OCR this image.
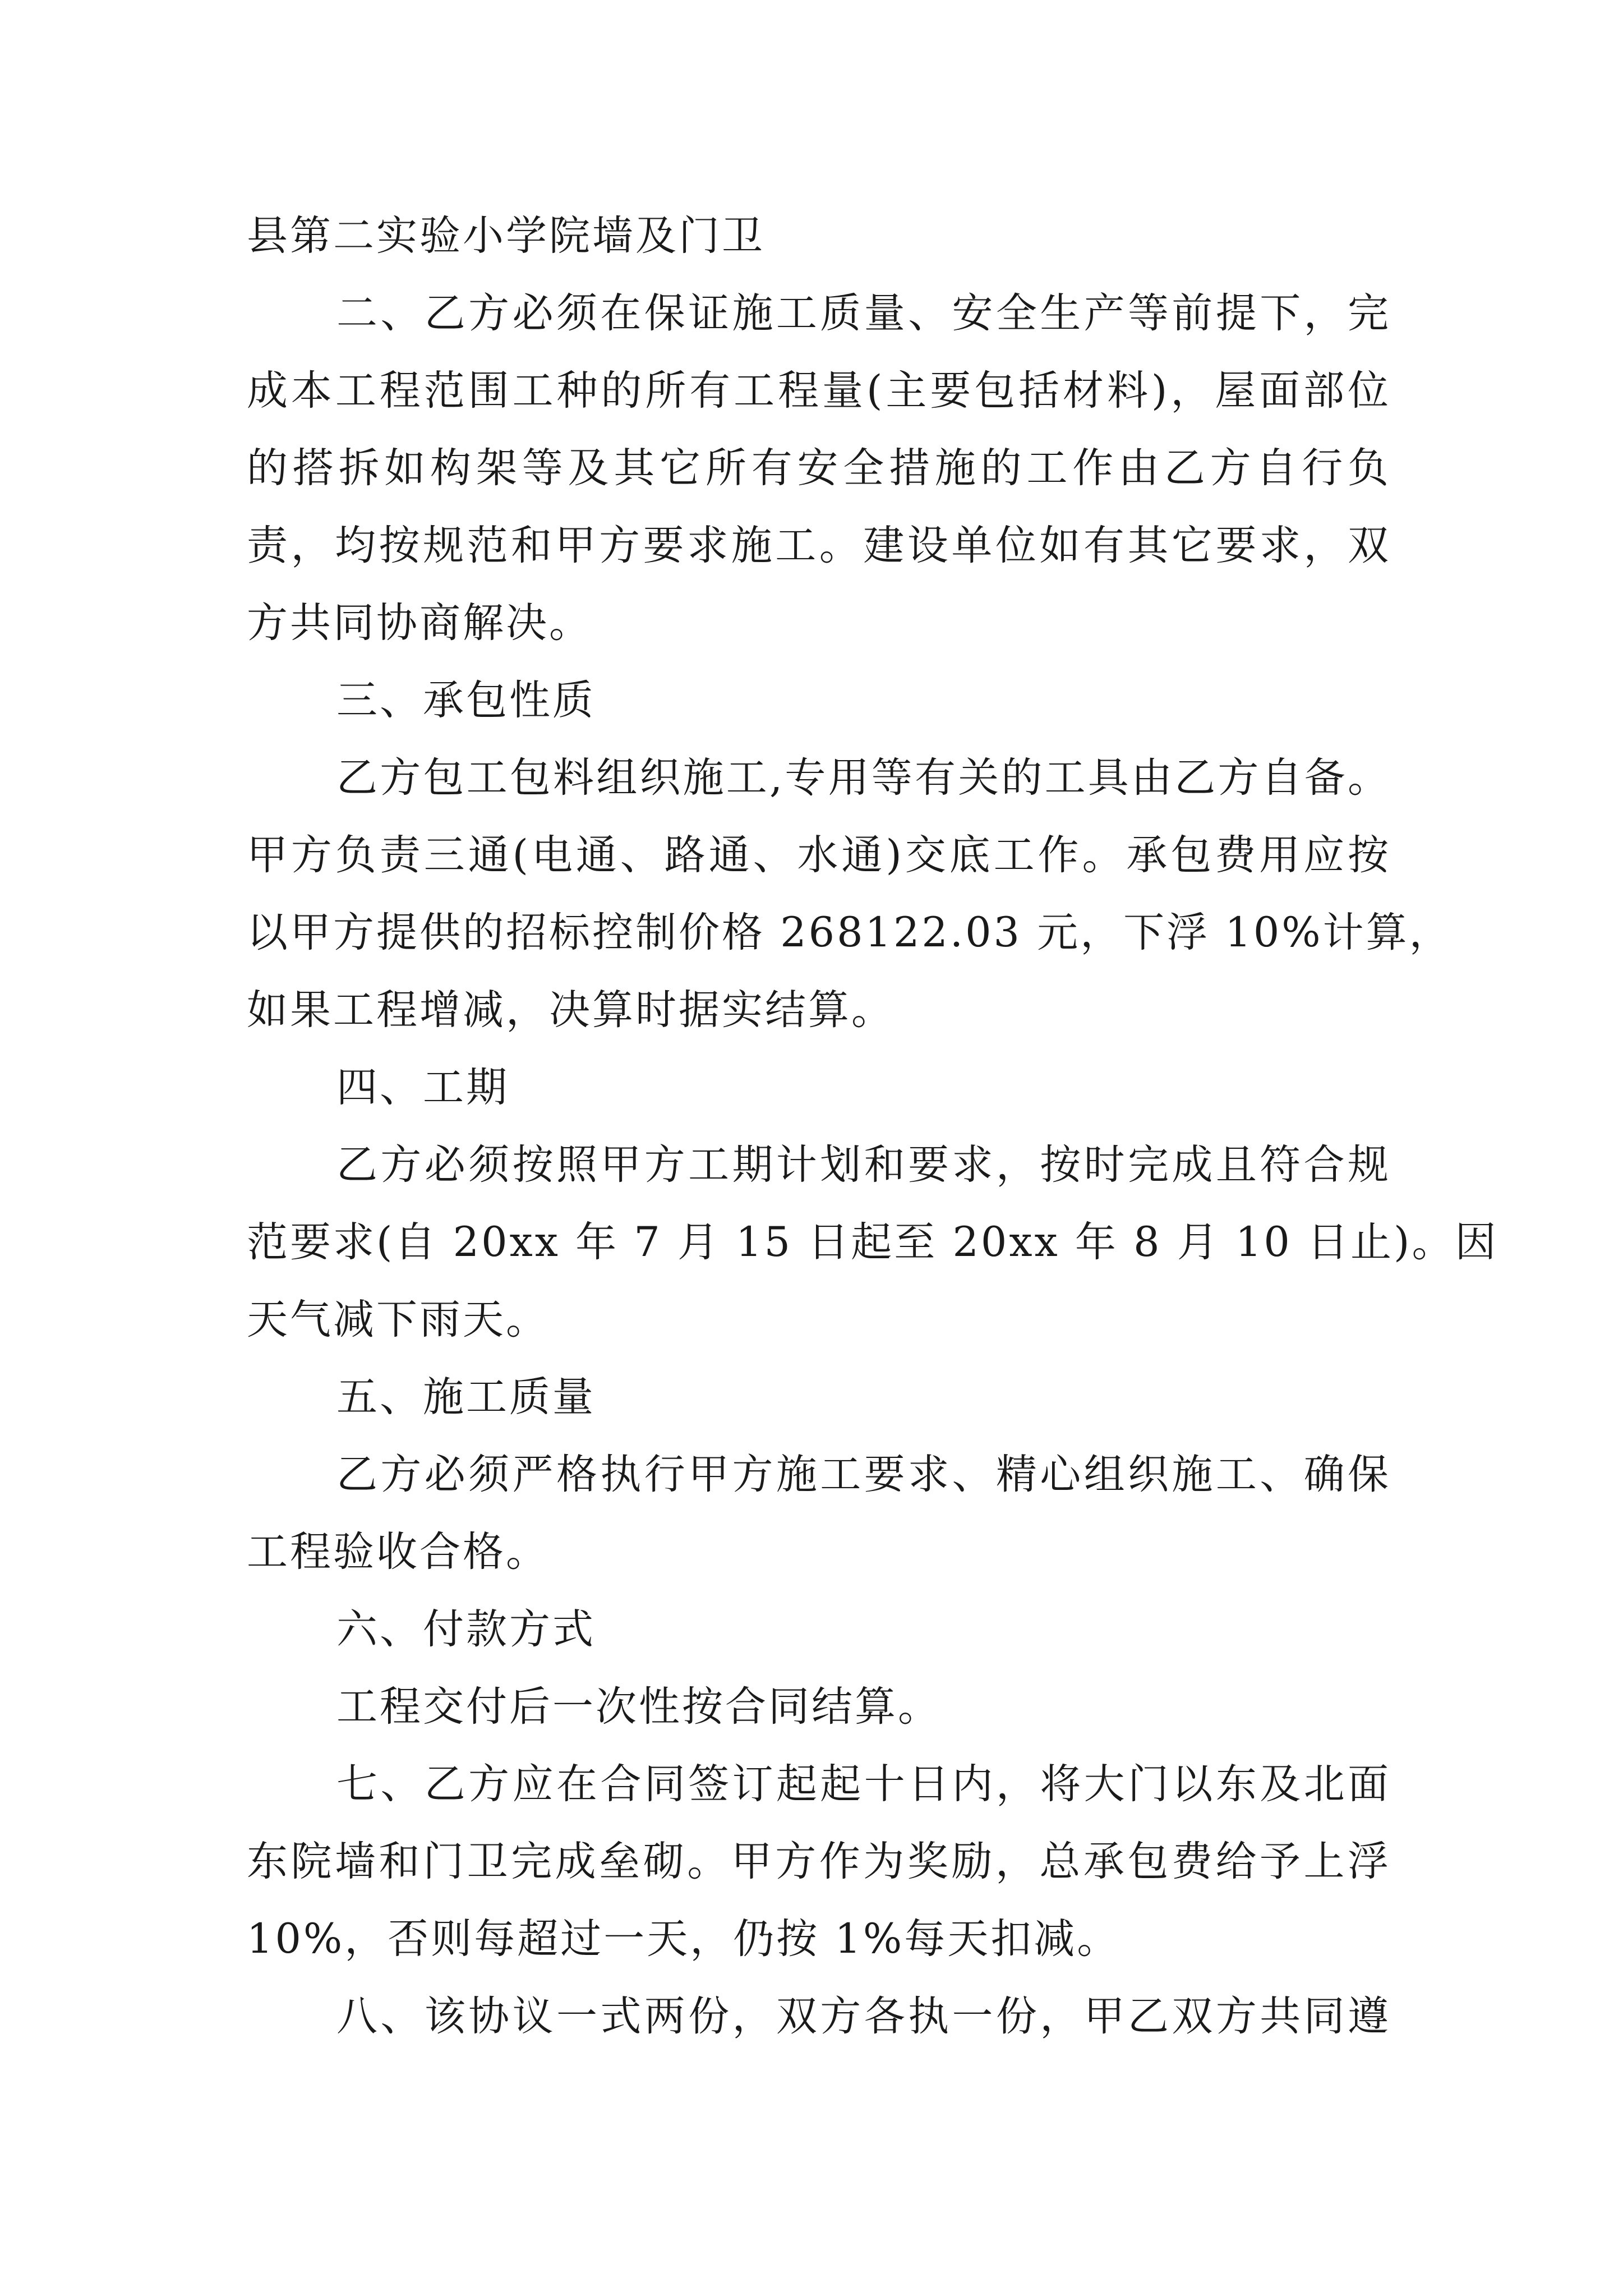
县第二实验小学院墙及门卫
二、乙方必须在保证施工质量、安全生产等前提下，完
成本工程范围工种的所有工程量(主要包括材料)，屋面部位
的搭拆如构架等及其它所有安全措施的工作由乙方自行负
责，均按规范和甲方要求施工。建设单位如有其它要求，双
方共同协商解决。
三、承包性质
乙方包工包料组织施工,专用等有关的工具由乙方自备。
甲方负责三通(电通、路通、水通)交底工作。承包费用应按
以甲方提供的招标控制价格 268122.03 元，下浮 10%计算，
如果工程增减，决算时据实结算。
四、工期
乙方必须按照甲方工期计划和要求，按时完成且符合规
范要求(自 20xx 年 7 月 15 日起至 20xx 年 8 月 10 日止)。因
天气减下雨天。
五、施工质量
乙方必须严格执行甲方施工要求、精心组织施工、确保
工程验收合格。
六、付款方式
工程交付后一次性按合同结算。
七、乙方应在合同签订起起十日内，将大门以东及北面
东院墙和门卫完成垒砌。甲方作为奖励，总承包费给予上浮
10%，否则每超过一天，仍按 1%每天扣减。
八、该协议一式两份，双方各执一份，甲乙双方共同遵
